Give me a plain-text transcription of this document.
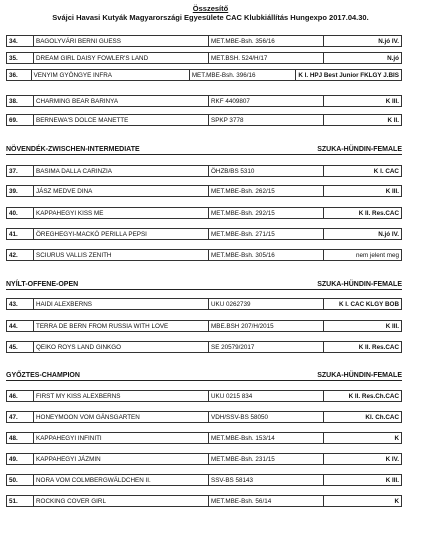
Összesítő
Svájci Havasi Kutyák Magyarországi Egyesülete CAC Klubkiállítás Hungexpo 2017.04.30.
34.	BAGOLYVÁRI BERNI GUESS	MET.MBE-Bsh. 356/16	N.jó IV.
35.	DREAM GIRL DAISY FOWLER'S LAND	MET.BSH. 524/H/17	N.jó
36.	VENYIM GYÖNGYE INFRA	MET.MBE-Bsh. 396/16	K I. HPJ Best Junior FKLGY J.BIS
38.	CHARMING BEAR BARINYA	RKF 4409807	K III.
69.	BERNEWA'S DOLCE MANETTE	SPKP 3778	K II.
NÖVENDÉK-ZWISCHEN-INTERMEDIATE	SZUKA-HÜNDIN-FEMALE
37.	BASIMA DALLA CARINZIA	ÖHZB/BS 5310	K I. CAC
39.	JÁSZ MEDVE DINA	MET.MBE-Bsh. 262/15	K III.
40.	KAPPAHEGYI KISS ME	MET.MBE-Bsh. 292/15	K II. Res.CAC
41.	ÖREGHEGYI-MACKÓ PERILLA PEPSI	MET.MBE-Bsh. 271/15	N.jó IV.
42.	SCIURUS VALLIS ZENITH	MET.MBE-Bsh. 305/16	nem jelent meg
NYÍLT-OFFENE-OPEN	SZUKA-HÜNDIN-FEMALE
43.	HAIDI ALEXBERNS	UKU 0262739	K I. CAC KLGY BOB
44.	TERRA DE BERN FROM RUSSIA WITH LOVE	MBE.BSH 207/H/2015	K III.
45.	QEIKO ROYS LAND GINKGO	SE 20579/2017	K II. Res.CAC
GYŐZTES-CHAMPION	SZUKA-HÜNDIN-FEMALE
46.	FIRST MY KISS ALEXBERNS	UKU 0215 834	K II. Res.Ch.CAC
47.	HONEYMOON VOM GÄNSGARTEN	VDH/SSV-BS 58050	Kl. Ch.CAC
48.	KAPPAHEGYI INFINITI	MET.MBE-Bsh. 153/14	K
49.	KAPPAHEGYI JÁZMIN	MET.MBE-Bsh. 231/15	K IV.
50.	NORA VOM COLMBERGWÄLDCHEN II.	SSV-BS 58143	K III.
51.	ROCKING COVER GIRL	MET.MBE-Bsh. 56/14	K
